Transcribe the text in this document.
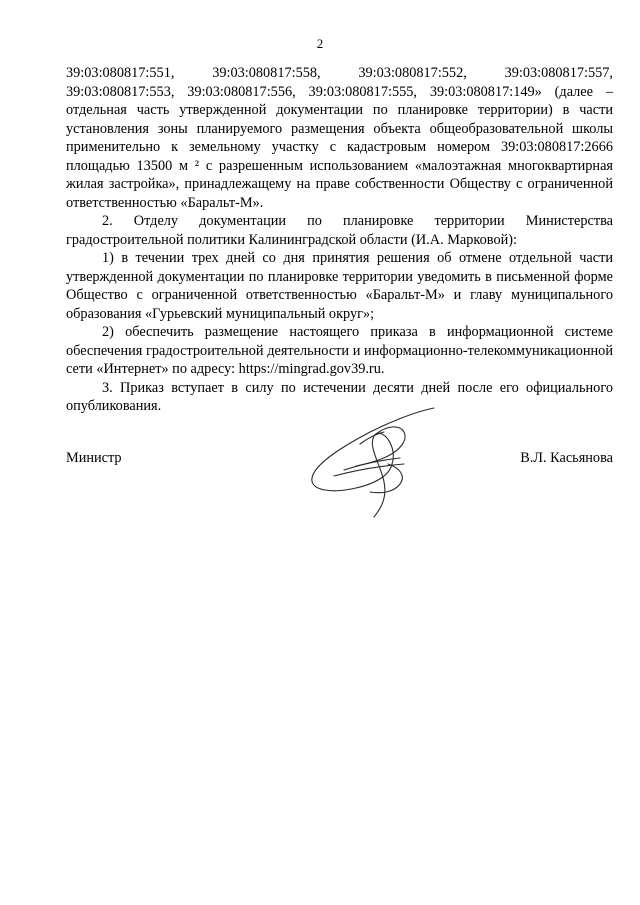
2

39:03:080817:551, 39:03:080817:558, 39:03:080817:552, 39:03:080817:557, 39:03:080817:553, 39:03:080817:556, 39:03:080817:555, 39:03:080817:149» (далее – отдельная часть утвержденной документации по планировке территории) в части установления зоны планируемого размещения объекта общеобразовательной школы применительно к земельному участку с кадастровым номером 39:03:080817:2666 площадью 13500 м ² с разрешенным использованием «малоэтажная многоквартирная жилая застройка», принадлежащему на праве собственности Обществу с ограниченной ответственностью «Баральт-М».

2. Отделу документации по планировке территории Министерства градостроительной политики Калининградской области (И.А. Марковой):

1) в течении трех дней со дня принятия решения об отмене отдельной части утвержденной документации по планировке территории уведомить в письменной форме Общество с ограниченной ответственностью «Баральт-М» и главу муниципального образования «Гурьевский муниципальный округ»;

2) обеспечить размещение настоящего приказа в информационной системе обеспечения градостроительной деятельности и информационно-телекоммуникационной сети «Интернет» по адресу: https://mingrad.gov39.ru.

3. Приказ вступает в силу по истечении десяти дней после его официального опубликования.

Министр	В.Л. Касьянова
